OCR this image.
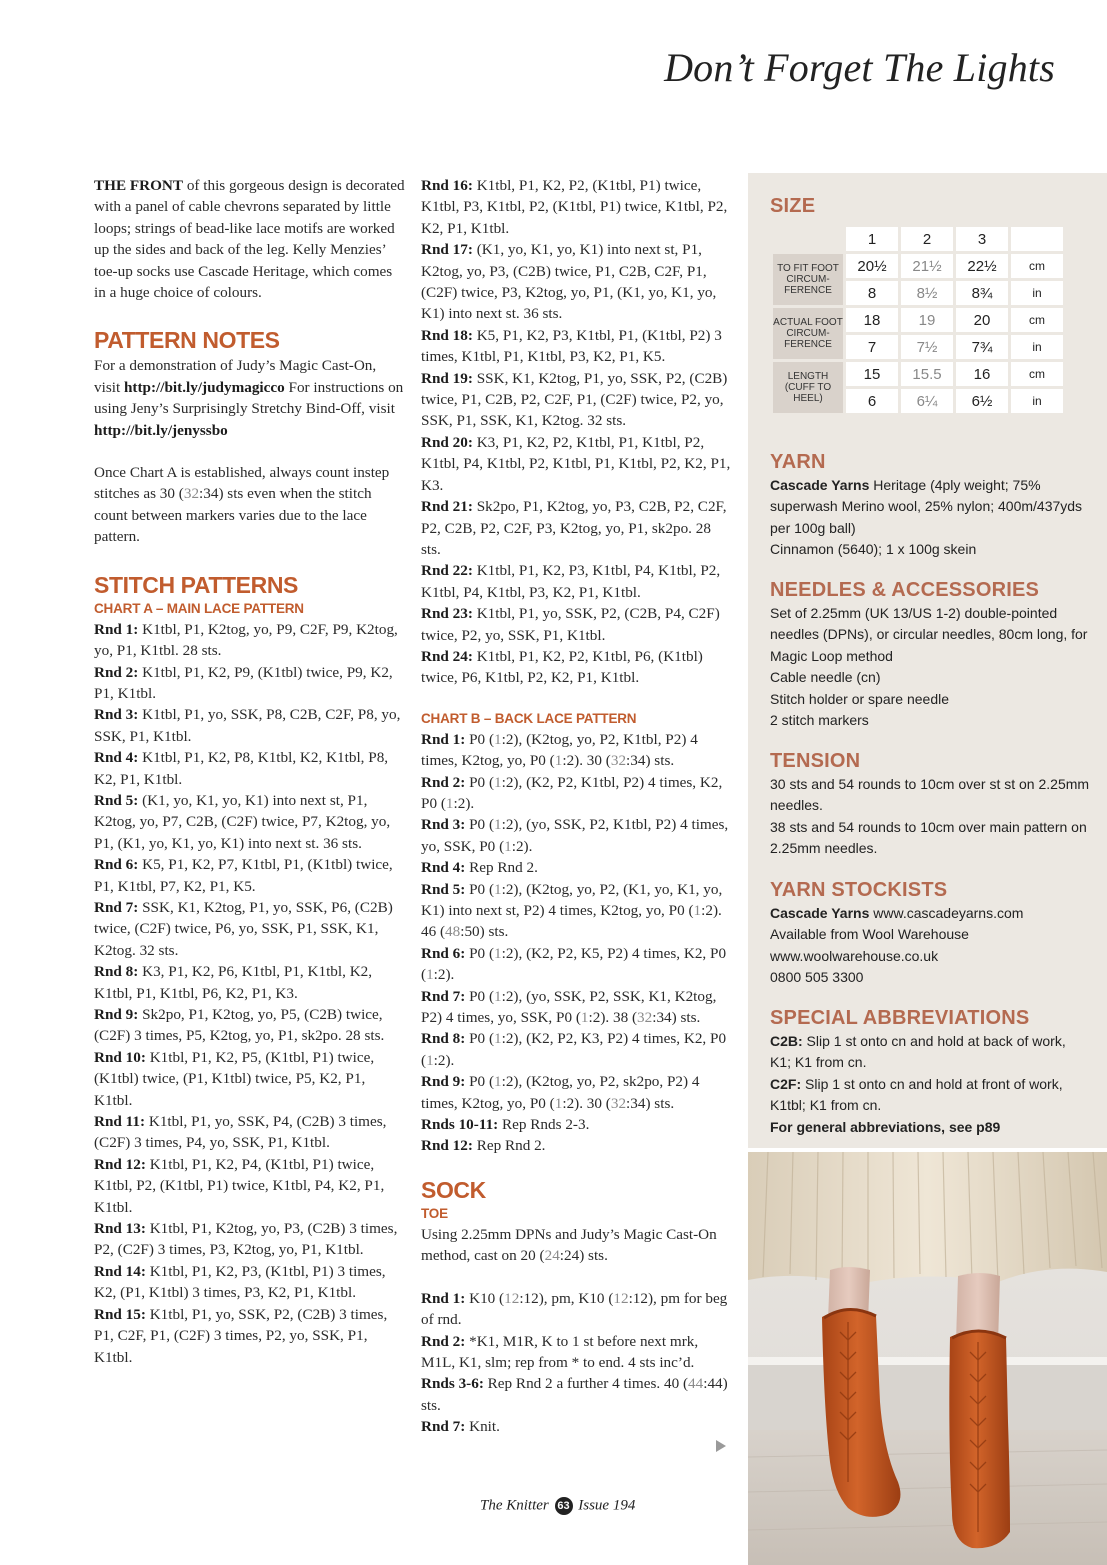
Don’t Forget The Lights

THE FRONT of this gorgeous design is decorated with a panel of cable chevrons separated by little loops; strings of bead-like lace motifs are worked up the sides and back of the leg. Kelly Menzies’ toe-up socks use Cascade Heritage, which comes in a huge choice of colours.

PATTERN NOTES

For a demonstration of Judy’s Magic Cast-On, visit http://bit.ly/judymagicco For instructions on using Jeny’s Surprisingly Stretchy Bind-Off, visit http://bit.ly/jenyssbo

Once Chart A is established, always count instep stitches as 30 (32:34) sts even when the stitch count between markers varies due to the lace pattern.

STITCH PATTERNS
CHART A – MAIN LACE PATTERN

Rnd 1: K1tbl, P1, K2tog, yo, P9, C2F, P9, K2tog, yo, P1, K1tbl. 28 sts.

Rnd 2: K1tbl, P1, K2, P9, (K1tbl) twice, P9, K2, P1, K1tbl.

Rnd 3: K1tbl, P1, yo, SSK, P8, C2B, C2F, P8, yo, SSK, P1, K1tbl.

Rnd 4: K1tbl, P1, K2, P8, K1tbl, K2, K1tbl, P8, K2, P1, K1tbl.

Rnd 5: (K1, yo, K1, yo, K1) into next st, P1, K2tog, yo, P7, C2B, (C2F) twice, P7, K2tog, yo, P1, (K1, yo, K1, yo, K1) into next st. 36 sts.

Rnd 6: K5, P1, K2, P7, K1tbl, P1, (K1tbl) twice, P1, K1tbl, P7, K2, P1, K5.

Rnd 7: SSK, K1, K2tog, P1, yo, SSK, P6, (C2B) twice, (C2F) twice, P6, yo, SSK, P1, SSK, K1, K2tog. 32 sts.

Rnd 8: K3, P1, K2, P6, K1tbl, P1, K1tbl, K2, K1tbl, P1, K1tbl, P6, K2, P1, K3.

Rnd 9: Sk2po, P1, K2tog, yo, P5, (C2B) twice, (C2F) 3 times, P5, K2tog, yo, P1, sk2po. 28 sts.

Rnd 10: K1tbl, P1, K2, P5, (K1tbl, P1) twice, (K1tbl) twice, (P1, K1tbl) twice, P5, K2, P1, K1tbl.

Rnd 11: K1tbl, P1, yo, SSK, P4, (C2B) 3 times, (C2F) 3 times, P4, yo, SSK, P1, K1tbl.

Rnd 12: K1tbl, P1, K2, P4, (K1tbl, P1) twice, K1tbl, P2, (K1tbl, P1) twice, K1tbl, P4, K2, P1, K1tbl.

Rnd 13: K1tbl, P1, K2tog, yo, P3, (C2B) 3 times, P2, (C2F) 3 times, P3, K2tog, yo, P1, K1tbl.

Rnd 14: K1tbl, P1, K2, P3, (K1tbl, P1) 3 times, K2, (P1, K1tbl) 3 times, P3, K2, P1, K1tbl.

Rnd 15: K1tbl, P1, yo, SSK, P2, (C2B) 3 times, P1, C2F, P1, (C2F) 3 times, P2, yo, SSK, P1, K1tbl.

Rnd 16: K1tbl, P1, K2, P2, (K1tbl, P1) twice, K1tbl, P3, K1tbl, P2, (K1tbl, P1) twice, K1tbl, P2, K2, P1, K1tbl.

Rnd 17: (K1, yo, K1, yo, K1) into next st, P1, K2tog, yo, P3, (C2B) twice, P1, C2B, C2F, P1, (C2F) twice, P3, K2tog, yo, P1, (K1, yo, K1, yo, K1) into next st. 36 sts.

Rnd 18: K5, P1, K2, P3, K1tbl, P1, (K1tbl, P2) 3 times, K1tbl, P1, K1tbl, P3, K2, P1, K5.

Rnd 19: SSK, K1, K2tog, P1, yo, SSK, P2, (C2B) twice, P1, C2B, P2, C2F, P1, (C2F) twice, P2, yo, SSK, P1, SSK, K1, K2tog. 32 sts.

Rnd 20: K3, P1, K2, P2, K1tbl, P1, K1tbl, P2, K1tbl, P4, K1tbl, P2, K1tbl, P1, K1tbl, P2, K2, P1, K3.

Rnd 21: Sk2po, P1, K2tog, yo, P3, C2B, P2, C2F, P2, C2B, P2, C2F, P3, K2tog, yo, P1, sk2po. 28 sts.

Rnd 22: K1tbl, P1, K2, P3, K1tbl, P4, K1tbl, P2, K1tbl, P4, K1tbl, P3, K2, P1, K1tbl.

Rnd 23: K1tbl, P1, yo, SSK, P2, (C2B, P4, C2F) twice, P2, yo, SSK, P1, K1tbl.

Rnd 24: K1tbl, P1, K2, P2, K1tbl, P6, (K1tbl) twice, P6, K1tbl, P2, K2, P1, K1tbl.

CHART B – BACK LACE PATTERN

Rnd 1: P0 (1:2), (K2tog, yo, P2, K1tbl, P2) 4 times, K2tog, yo, P0 (1:2). 30 (32:34) sts.

Rnd 2: P0 (1:2), (K2, P2, K1tbl, P2) 4 times, K2, P0 (1:2).

Rnd 3: P0 (1:2), (yo, SSK, P2, K1tbl, P2) 4 times, yo, SSK, P0 (1:2).

Rnd 4: Rep Rnd 2.

Rnd 5: P0 (1:2), (K2tog, yo, P2, (K1, yo, K1, yo, K1) into next st, P2) 4 times, K2tog, yo, P0 (1:2). 46 (48:50) sts.

Rnd 6: P0 (1:2), (K2, P2, K5, P2) 4 times, K2, P0 (1:2).

Rnd 7: P0 (1:2), (yo, SSK, P2, SSK, K1, K2tog, P2) 4 times, yo, SSK, P0 (1:2). 38 (32:34) sts.

Rnd 8: P0 (1:2), (K2, P2, K3, P2) 4 times, K2, P0 (1:2).

Rnd 9: P0 (1:2), (K2tog, yo, P2, sk2po, P2) 4 times, K2tog, yo, P0 (1:2). 30 (32:34) sts.

Rnds 10-11: Rep Rnds 2-3.

Rnd 12: Rep Rnd 2.

SOCK
TOE

Using 2.25mm DPNs and Judy’s Magic Cast-On method, cast on 20 (24:24) sts.

Rnd 1: K10 (12:12), pm, K10 (12:12), pm for beg of rnd.

Rnd 2: *K1, M1R, K to 1 st before next mrk, M1L, K1, slm; rep from * to end. 4 sts inc’d.

Rnds 3-6: Rep Rnd 2 a further 4 times. 40 (44:44) sts.

Rnd 7: Knit.

SIZE
YARN

Cascade Yarns Heritage (4ply weight; 75% superwash Merino wool, 25% nylon; 400m/437yds per 100g ball)

Cinnamon (5640); 1 x 100g skein

NEEDLES & ACCESSORIES

Set of 2.25mm (UK 13/US 1-2) double-pointed needles (DPNs), or circular needles, 80cm long, for Magic Loop method

Cable needle (cn)

Stitch holder or spare needle

2 stitch markers

TENSION

30 sts and 54 rounds to 10cm over st st on 2.25mm needles.

38 sts and 54 rounds to 10cm over main pattern on 2.25mm needles.

YARN STOCKISTS

Cascade Yarns www.cascadeyarns.com

Available from Wool Warehouse

www.woolwarehouse.co.uk

0800 505 3300

SPECIAL ABBREVIATIONS

C2B: Slip 1 st onto cn and hold at back of work, K1; K1 from cn.

C2F: Slip 1 st onto cn and hold at front of work, K1tbl; K1 from cn.

For general abbreviations, see p89

	1	2	3	
TO FIT FOOT CIRCUM-FERENCE	20½	21½	22½	cm
	8	8½	8¾	in
ACTUAL FOOT CIRCUM-FERENCE	18	19	20	cm
	7	7½	7¾	in
LENGTH (CUFF TO HEEL)	15	15.5	16	cm
	6	6¼	6½	in
The Knitter 63 Issue 194
